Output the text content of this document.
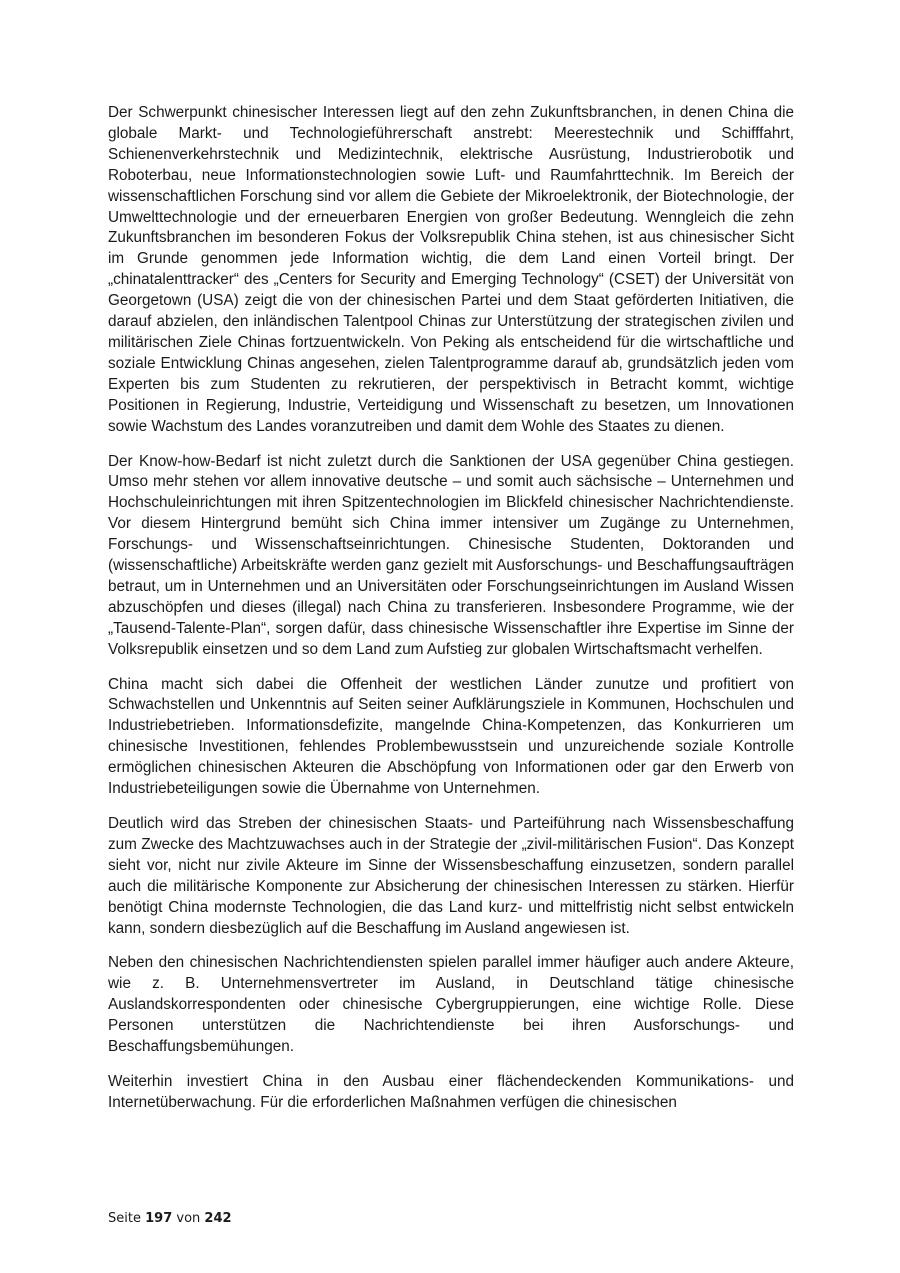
Der Schwerpunkt chinesischer Interessen liegt auf den zehn Zukunftsbranchen, in denen China die globale Markt- und Technologieführerschaft anstrebt: Meerestechnik und Schifffahrt, Schienenverkehrstechnik und Medizintechnik, elektrische Ausrüstung, Industrierobotik und Roboterbau, neue Informationstechnologien sowie Luft- und Raumfahrttechnik. Im Bereich der wissenschaftlichen Forschung sind vor allem die Gebiete der Mikroelektronik, der Biotechnologie, der Umwelttechnologie und der erneuerbaren Energien von großer Bedeutung. Wenngleich die zehn Zukunftsbranchen im besonderen Fokus der Volksrepublik China stehen, ist aus chinesischer Sicht im Grunde genommen jede Information wichtig, die dem Land einen Vorteil bringt. Der „chinatalenttracker“ des „Centers for Security and Emerging Technology“ (CSET) der Universität von Georgetown (USA) zeigt die von der chinesischen Partei und dem Staat geförderten Initiativen, die darauf abzielen, den inländischen Talentpool Chinas zur Unterstützung der strategischen zivilen und militärischen Ziele Chinas fortzuentwickeln. Von Peking als entscheidend für die wirtschaftliche und soziale Entwicklung Chinas angesehen, zielen Talentprogramme darauf ab, grundsätzlich jeden vom Experten bis zum Studenten zu rekrutieren, der perspektivisch in Betracht kommt, wichtige Positionen in Regierung, Industrie, Verteidigung und Wissenschaft zu besetzen, um Innovationen sowie Wachstum des Landes voranzutreiben und damit dem Wohle des Staates zu dienen.

Der Know-how-Bedarf ist nicht zuletzt durch die Sanktionen der USA gegenüber China gestiegen. Umso mehr stehen vor allem innovative deutsche – und somit auch sächsische – Unternehmen und Hochschuleinrichtungen mit ihren Spitzentechnologien im Blickfeld chinesischer Nachrichtendienste. Vor diesem Hintergrund bemüht sich China immer intensiver um Zugänge zu Unternehmen, Forschungs- und Wissenschaftseinrichtungen. Chinesische Studenten, Doktoranden und (wissenschaftliche) Arbeitskräfte werden ganz gezielt mit Ausforschungs- und Beschaffungsaufträgen betraut, um in Unternehmen und an Universitäten oder Forschungseinrichtungen im Ausland Wissen abzuschöpfen und dieses (illegal) nach China zu transferieren. Insbesondere Programme, wie der „Tausend-Talente-Plan“, sorgen dafür, dass chinesische Wissenschaftler ihre Expertise im Sinne der Volksrepublik einsetzen und so dem Land zum Aufstieg zur globalen Wirtschaftsmacht verhelfen.

China macht sich dabei die Offenheit der westlichen Länder zunutze und profitiert von Schwachstellen und Unkenntnis auf Seiten seiner Aufklärungsziele in Kommunen, Hochschulen und Industriebetrieben. Informationsdefizite, mangelnde China-Kompetenzen, das Konkurrieren um chinesische Investitionen, fehlendes Problembewusstsein und unzureichende soziale Kontrolle ermöglichen chinesischen Akteuren die Abschöpfung von Informationen oder gar den Erwerb von Industriebeteiligungen sowie die Übernahme von Unternehmen.

Deutlich wird das Streben der chinesischen Staats- und Parteiführung nach Wissensbeschaffung zum Zwecke des Machtzuwachses auch in der Strategie der „zivil-militärischen Fusion“. Das Konzept sieht vor, nicht nur zivile Akteure im Sinne der Wissensbeschaffung einzusetzen, sondern parallel auch die militärische Komponente zur Absicherung der chinesischen Interessen zu stärken. Hierfür benötigt China modernste Technologien, die das Land kurz- und mittelfristig nicht selbst entwickeln kann, sondern diesbezüglich auf die Beschaffung im Ausland angewiesen ist.

Neben den chinesischen Nachrichtendiensten spielen parallel immer häufiger auch andere Akteure, wie z. B. Unternehmensvertreter im Ausland, in Deutschland tätige chinesische Auslandskorrespondenten oder chinesische Cybergruppierungen, eine wichtige Rolle. Diese Personen unterstützen die Nachrichtendienste bei ihren Ausforschungs- und Beschaffungsbemühungen.

Weiterhin investiert China in den Ausbau einer flächendeckenden Kommunikations- und Internetüberwachung. Für die erforderlichen Maßnahmen verfügen die chinesischen

Seite 197 von 242
